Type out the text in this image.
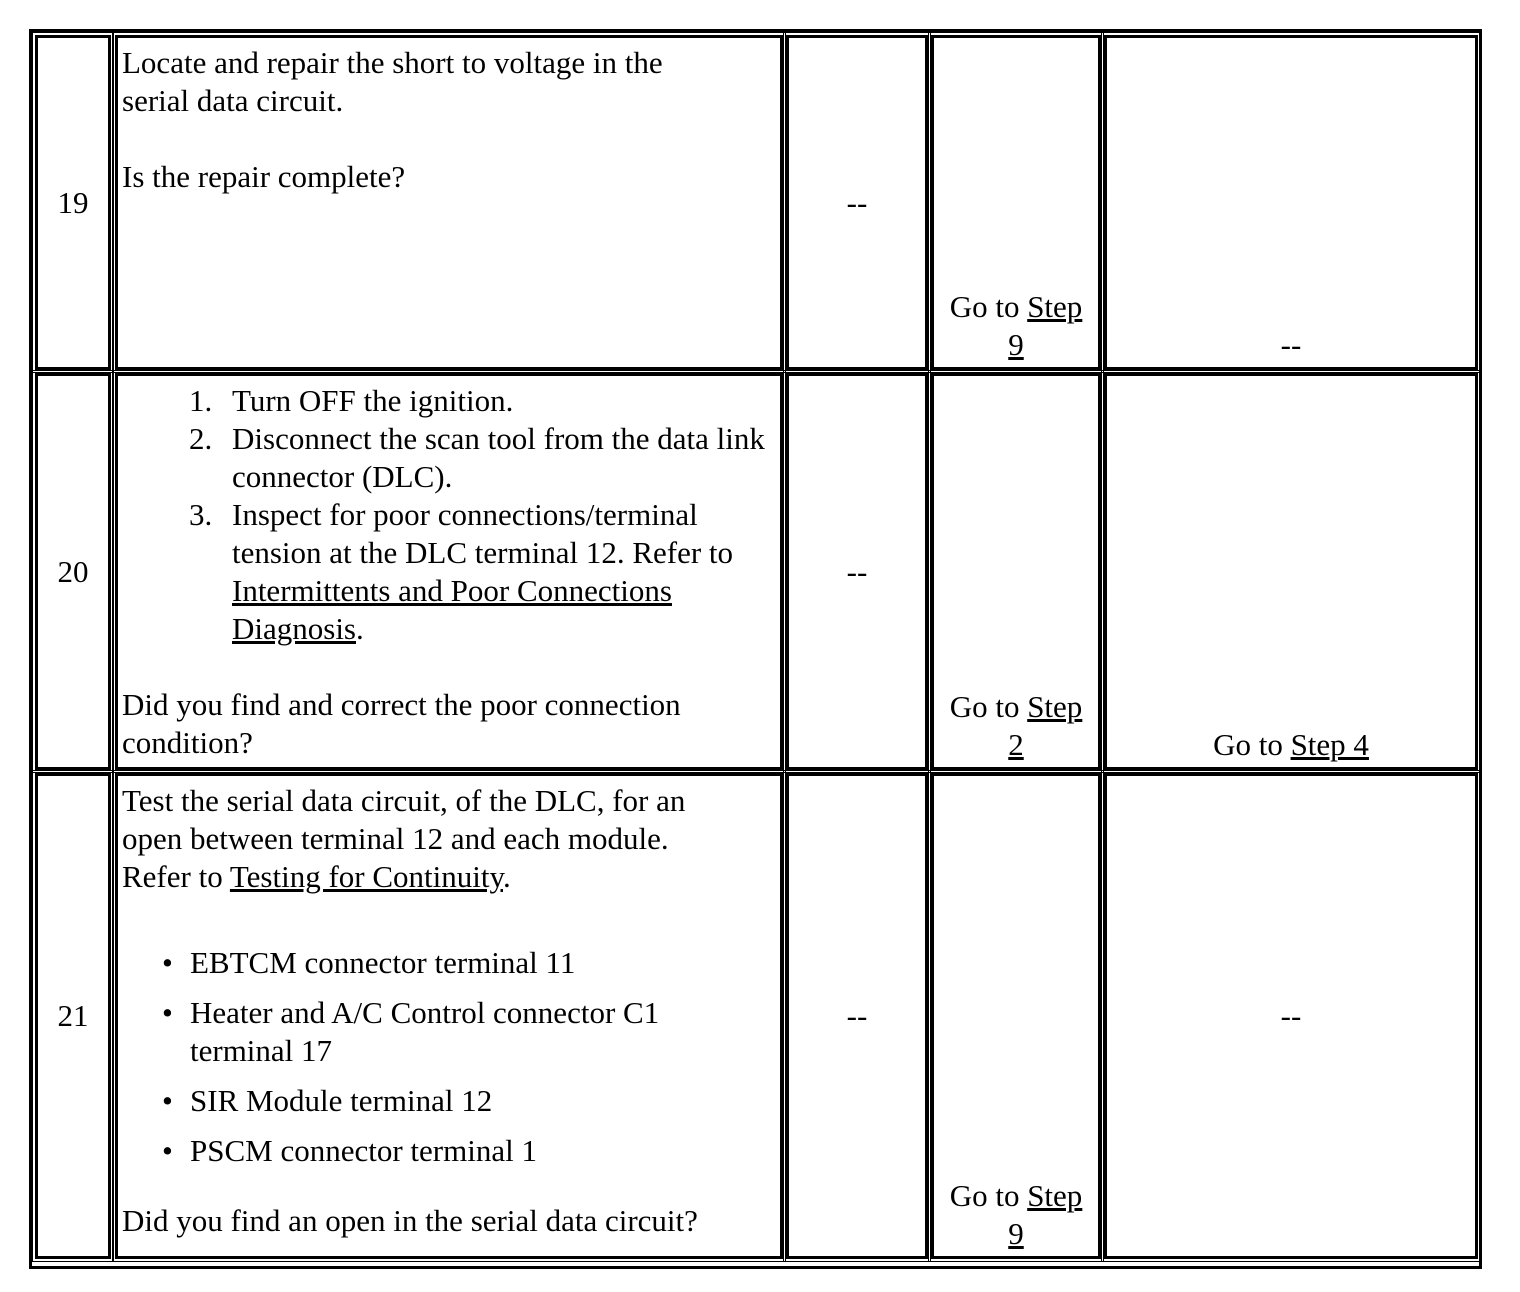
19

Locate and repair the short to voltage in the serial data circuit.

Is the repair complete?

--
Go to Step 9	--
20
1. Turn OFF the ignition.
2. Disconnect the scan tool from the data link connector (DLC).
3. Inspect for poor connections/terminal tension at the DLC terminal 12. Refer to Intermittents and Poor Connections Diagnosis.

Did you find and correct the poor connection condition?

--
Go to Step 2	Go to Step 4
21

Test the serial data circuit, of the DLC, for an open between terminal 12 and each module. Refer to Testing for Continuity.

• EBTCM connector terminal 11
• Heater and A/C Control connector C1 terminal 17
• SIR Module terminal 12
• PSCM connector terminal 1

Did you find an open in the serial data circuit?

--
Go to Step 9
--
